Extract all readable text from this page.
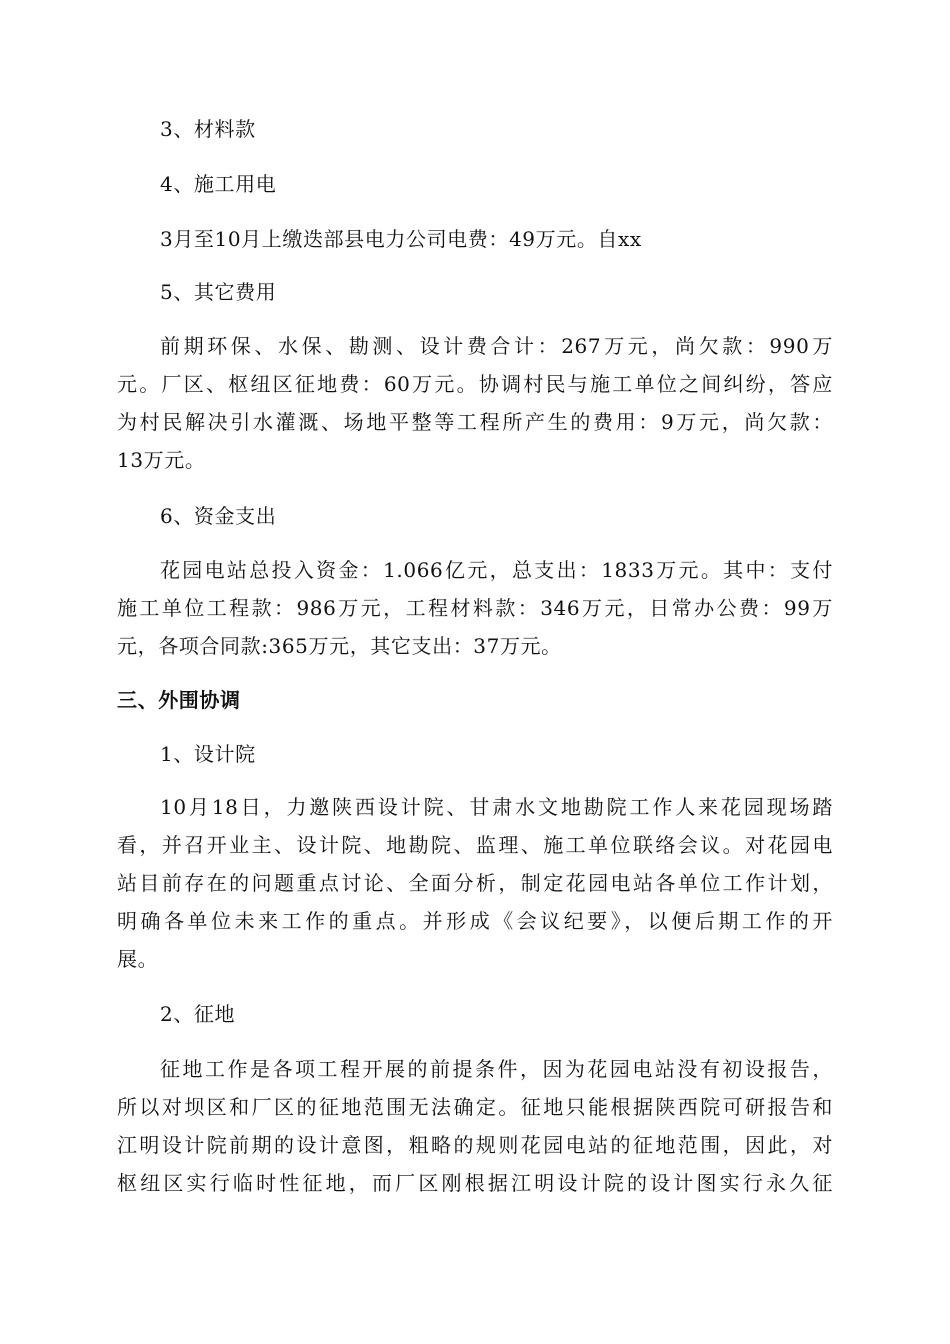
3、材料款

4、施工用电

3月至10月上缴迭部县电力公司电费：49万元。自xx

5、其它费用

前期环保、水保、勘测、设计费合计：267万元，尚欠款：990万
元。厂区、枢纽区征地费：60万元。协调村民与施工单位之间纠纷，答应
为村民解决引水灌溉、场地平整等工程所产生的费用：9万元，尚欠款：
13万元。

6、资金支出

花园电站总投入资金：1.066亿元，总支出：1833万元。其中：支付
施工单位工程款：986万元，工程材料款：346万元，日常办公费：99万
元，各项合同款:365万元，其它支出：37万元。

三、外围协调

1、设计院

10月18日，力邀陕西设计院、甘肃水文地勘院工作人来花园现场踏
看，并召开业主、设计院、地勘院、监理、施工单位联络会议。对花园电
站目前存在的问题重点讨论、全面分析，制定花园电站各单位工作计划，
明确各单位未来工作的重点。并形成《会议纪要》，以便后期工作的开
展。

2、征地

征地工作是各项工程开展的前提条件，因为花园电站没有初设报告，
所以对坝区和厂区的征地范围无法确定。征地只能根据陕西院可研报告和
江明设计院前期的设计意图，粗略的规则花园电站的征地范围，因此，对
枢纽区实行临时性征地，而厂区刚根据江明设计院的设计图实行永久征
